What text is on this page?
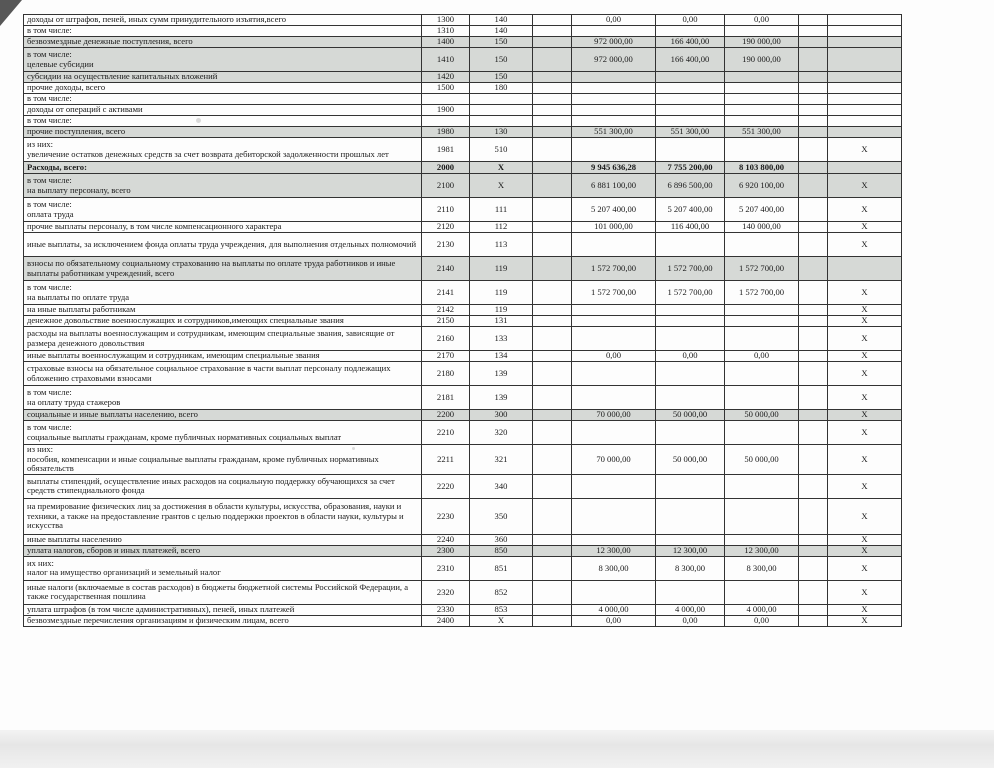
доходы от штрафов, пеней, иных сумм принудительного изъятия,всего	1300	140		0,00	0,00	0,00		

в том числе:	1310	140						

безвозмездные денежные поступления, всего	1400	150		972 000,00	166 400,00	190 000,00		

в том числе:
целевые субсидии	1410	150		972 000,00	166 400,00	190 000,00		

субсидии на осуществление капитальных вложений	1420	150						

прочие доходы, всего	1500	180						

в том числе:								

доходы от операций с активами	1900							

в том числе:								

прочие поступления, всего	1980	130		551 300,00	551 300,00	551 300,00		

из них:
увеличение остатков денежных средств за счет возврата дебиторской задолженности прошлых лет	1981	510						X

Расходы, всего:	2000	X		9 945 636,28	7 755 200,00	8 103 800,00		

в том числе:
на выплату персоналу, всего	2100	X		6 881 100,00	6 896 500,00	6 920 100,00		X

в том числе:
оплата труда	2110	111		5 207 400,00	5 207 400,00	5 207 400,00		X

прочие выплаты персоналу, в том числе компенсационного характера	2120	112		101 000,00	116 400,00	140 000,00		X

иные выплаты, за исключением фонда оплаты труда учреждения, для выполнения отдельных полномочий	2130	113						X

взносы по обязательному социальному страхованию на выплаты по оплате труда работников и иные выплаты работникам учреждений, всего	2140	119		1 572 700,00	1 572 700,00	1 572 700,00		

в том числе:
на выплаты по оплате труда	2141	119		1 572 700,00	1 572 700,00	1 572 700,00		X

на иные выплаты работникам	2142	119						X

денежное довольствие военнослужащих и сотрудников,имеющих специальные звания	2150	131						X

расходы на выплаты военнослужащим и сотрудникам, имеющим специальные звания, зависящие от размера денежного довольствия	2160	133						X

иные выплаты военнослужащим и сотрудникам, имеющим специальные звания	2170	134		0,00	0,00	0,00		X

страховые взносы на обязательное социальное страхование в части выплат персоналу подлежащих обложению страховыми взносами	2180	139						X

в том числе:
на оплату труда стажеров	2181	139						X

социальные и иные выплаты населению, всего	2200	300		70 000,00	50 000,00	50 000,00		X

в том числе:
социальные выплаты гражданам, кроме публичных нормативных социальных выплат	2210	320						X

из них:
пособия, компенсации и иные социальные выплаты гражданам, кроме публичных нормативных обязательств	2211	321		70 000,00	50 000,00	50 000,00		X

выплаты стипендий, осуществление иных расходов на социальную поддержку обучающихся за счет средств стипендиального фонда	2220	340						X

на премирование физических лиц за достижения в области культуры, искусства, образования, науки и техники, а также на предоставление грантов с целью поддержки проектов в области науки, культуры и искусства	2230	350						X

иные выплаты населению	2240	360						X

уплата налогов, сборов и иных платежей, всего	2300	850		12 300,00	12 300,00	12 300,00		X

их них:
налог на имущество организаций и земельный налог	2310	851		8 300,00	8 300,00	8 300,00		X

иные налоги (включаемые в состав расходов) в бюджеты бюджетной системы Российской Федерации, а также государственная пошлина	2320	852						X

уплата штрафов (в том числе административных), пеней, иных платежей	2330	853		4 000,00	4 000,00	4 000,00		X

безвозмездные перечисления организациям и физическим лицам, всего	2400	X		0,00	0,00	0,00		X
